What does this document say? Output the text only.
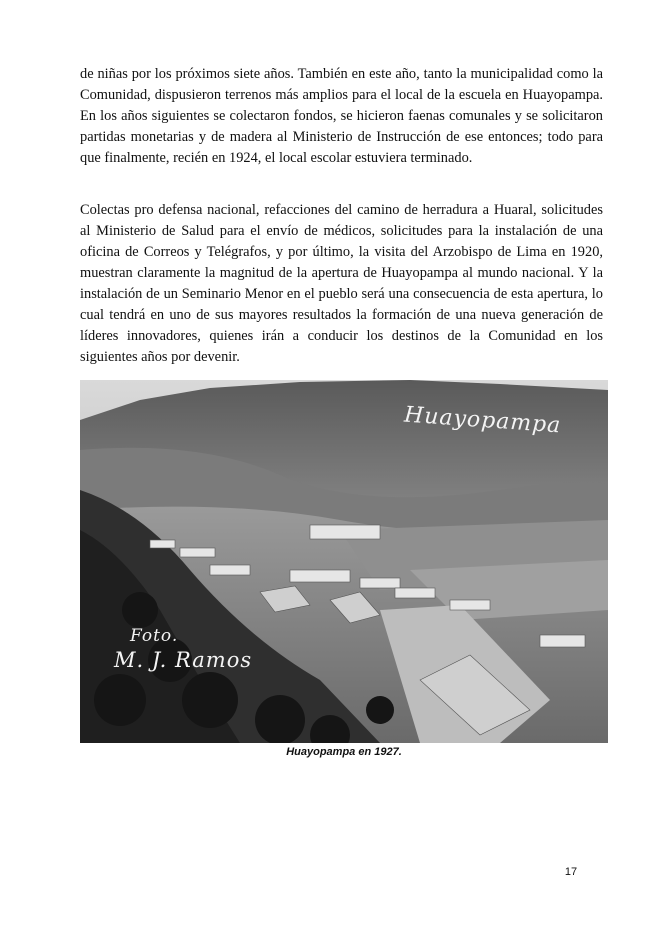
de niñas por los próximos siete años. También en este año, tanto la municipalidad como la Comunidad, dispusieron terrenos más amplios para el local de la escuela en Huayopampa. En los años siguientes se colectaron fondos, se hicieron faenas comunales y se solicitaron partidas monetarias y de madera al Ministerio de Instrucción de ese entonces; todo para que finalmente, recién en 1924, el local escolar estuviera terminado.

Colectas pro defensa nacional, refacciones del camino de herradura a Huaral, solicitudes al Ministerio de Salud para el envío de médicos, solicitudes para la instalación de una oficina de Correos y Telégrafos, y por último, la visita del Arzobispo de Lima en 1920, muestran claramente la magnitud de la apertura de Huayopampa al mundo nacional. Y la instalación de un Seminario Menor en el pueblo será una consecuencia de esta apertura, lo cual tendrá en uno de sus mayores resultados la formación de una nueva generación de líderes innovadores, quienes irán a conducir los destinos de la Comunidad en los siguientes años por devenir.

Huayopampa
Foto.
M. J. Ramos
Huayopampa en 1927.
17
